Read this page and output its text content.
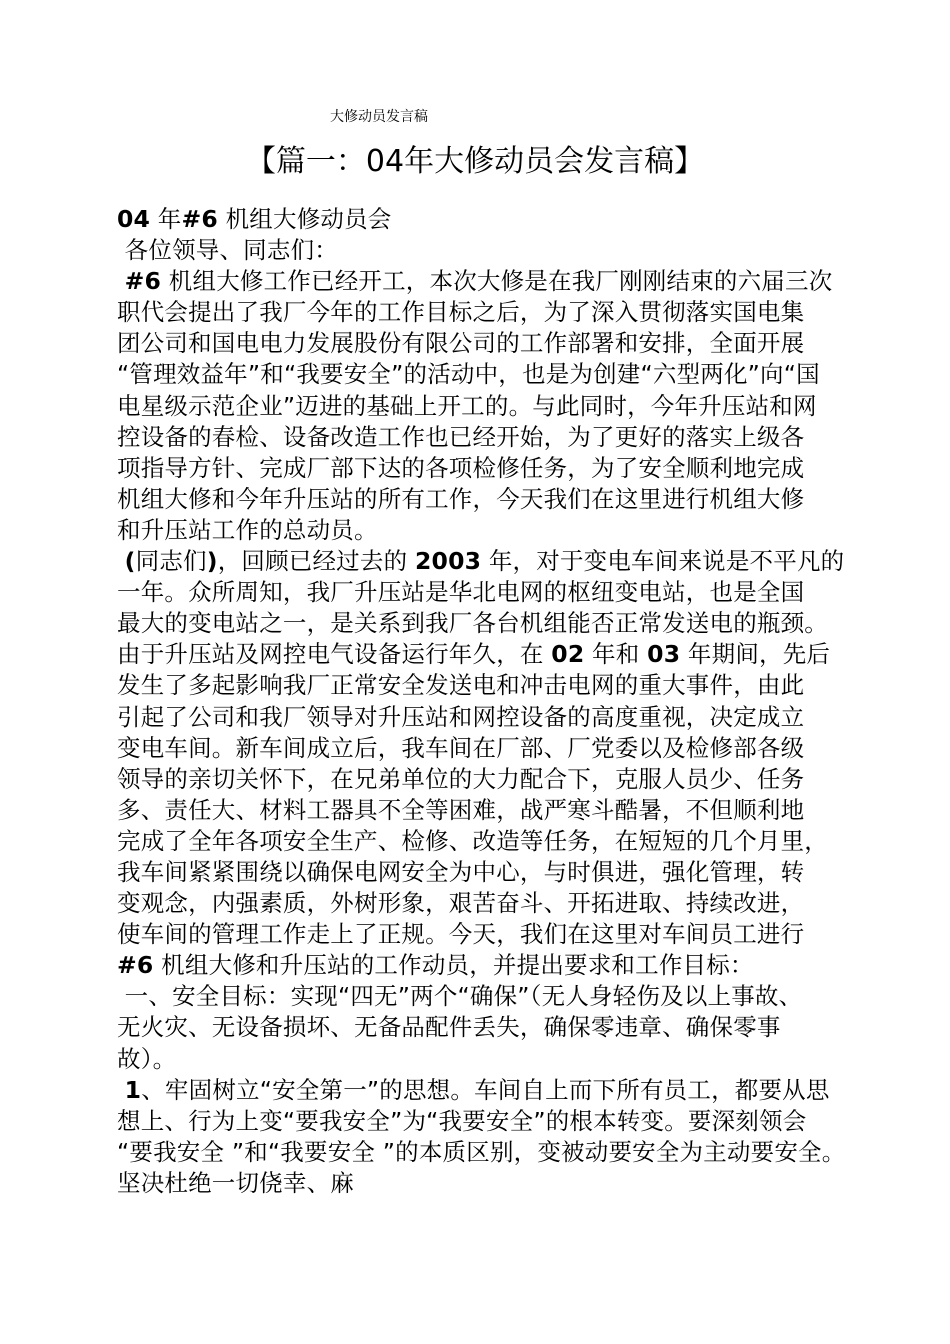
大修动员发言稿
【篇一：04年大修动员会发言稿】
04 年#6 机组大修动员会
各位领导、同志们：
#6 机组大修工作已经开工，本次大修是在我厂刚刚结束的六届三次
职代会提出了我厂今年的工作目标之后，为了深入贯彻落实国电集
团公司和国电电力发展股份有限公司的工作部署和安排，全面开展
“管理效益年”和“我要安全”的活动中，也是为创建“六型两化”向“国
电星级示范企业”迈进的基础上开工的。与此同时，今年升压站和网
控设备的春检、设备改造工作也已经开始，为了更好的落实上级各
项指导方针、完成厂部下达的各项检修任务，为了安全顺利地完成
机组大修和今年升压站的所有工作，今天我们在这里进行机组大修
和升压站工作的总动员。
(同志们)，回顾已经过去的 2003 年，对于变电车间来说是不平凡的
一年。众所周知，我厂升压站是华北电网的枢纽变电站，也是全国
最大的变电站之一，是关系到我厂各台机组能否正常发送电的瓶颈。
由于升压站及网控电气设备运行年久，在 02 年和 03 年期间，先后
发生了多起影响我厂正常安全发送电和冲击电网的重大事件，由此
引起了公司和我厂领导对升压站和网控设备的高度重视，决定成立
变电车间。新车间成立后，我车间在厂部、厂党委以及检修部各级
领导的亲切关怀下，在兄弟单位的大力配合下，克服人员少、任务
多、责任大、材料工器具不全等困难，战严寒斗酷暑，不但顺利地
完成了全年各项安全生产、检修、改造等任务，在短短的几个月里，
我车间紧紧围绕以确保电网安全为中心，与时俱进，强化管理，转
变观念，内强素质，外树形象，艰苦奋斗、开拓进取、持续改进，
使车间的管理工作走上了正规。今天，我们在这里对车间员工进行
#6 机组大修和升压站的工作动员，并提出要求和工作目标：
一、安全目标：实现“四无”两个“确保”（无人身轻伤及以上事故、
无火灾、无设备损坏、无备品配件丢失，确保零违章、确保零事
故）。
1、牢固树立“安全第一”的思想。车间自上而下所有员工，都要从思
想上、行为上变“要我安全”为“我要安全”的根本转变。要深刻领会
“要我安全 ”和“我要安全 ”的本质区别，变被动要安全为主动要安全。
坚决杜绝一切侥幸、麻
